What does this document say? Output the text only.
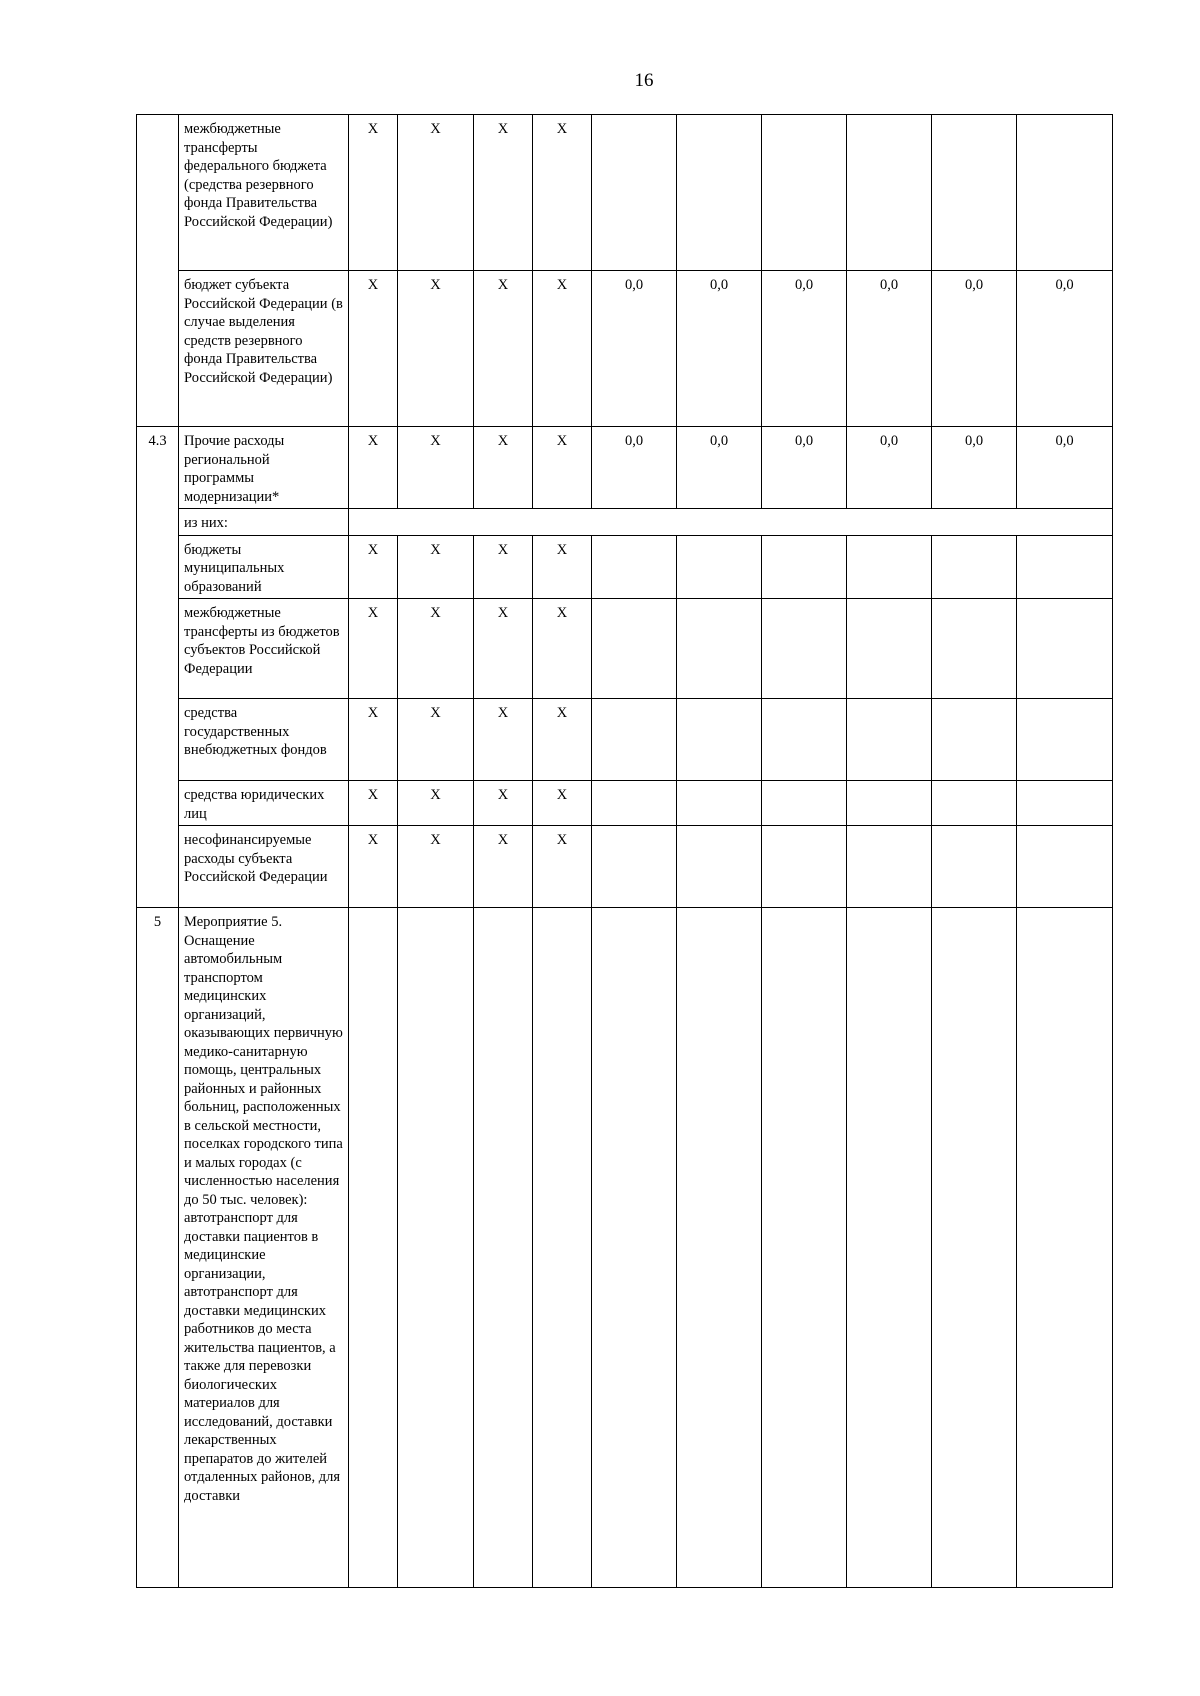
16
	межбюджетные трансферты федерального бюджета (средства резервного фонда Правительства Российской Федерации)	Х	Х	Х	Х						
	бюджет субъекта Российской Федерации (в случае выделения средств резервного фонда Правительства Российской Федерации)	Х	Х	Х	Х	0,0	0,0	0,0	0,0	0,0	0,0
4.3	Прочие расходы региональной программы модернизации*	Х	Х	Х	Х	0,0	0,0	0,0	0,0	0,0	0,0
	из них:										
	бюджеты муниципальных образований	Х	Х	Х	Х						
	межбюджетные трансферты из бюджетов субъектов Российской Федерации	Х	Х	Х	Х						
	средства государственных внебюджетных фондов	Х	Х	Х	Х						
	средства юридических лиц	Х	Х	Х	Х						
	несофинансируемые расходы субъекта Российской Федерации	Х	Х	Х	Х						
5	Мероприятие 5. Оснащение автомобильным транспортом медицинских организаций, оказывающих первичную медико-санитарную помощь, центральных районных и районных больниц, расположенных в сельской местности, поселках городского типа и малых городах (с численностью населения до 50 тыс. человек): автотранспорт для доставки пациентов в медицинские организации, автотранспорт для доставки медицинских работников до места жительства пациентов, а также для перевозки биологических материалов для исследований, доставки лекарственных препаратов до жителей отдаленных районов, для доставки										
